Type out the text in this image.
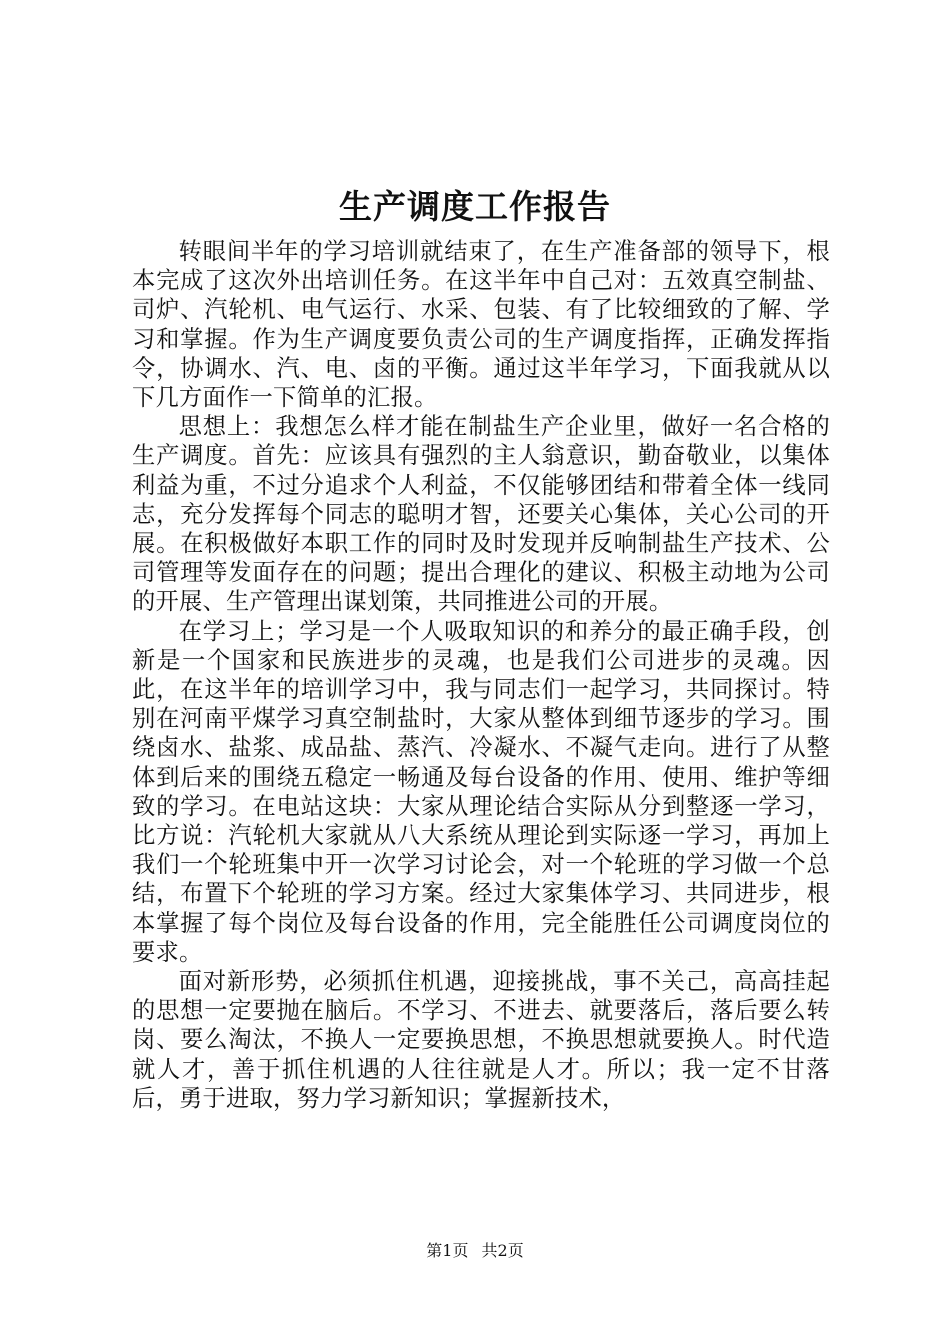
生产调度工作报告

转眼间半年的学习培训就结束了，在生产准备部的领导下，根本完成了这次外出培训任务。在这半年中自己对：五效真空制盐、司炉、汽轮机、电气运行、水采、包装、有了比较细致的了解、学习和掌握。作为生产调度要负责公司的生产调度指挥，正确发挥指令，协调水、汽、电、卤的平衡。通过这半年学习，下面我就从以下几方面作一下简单的汇报。

思想上：我想怎么样才能在制盐生产企业里，做好一名合格的生产调度。首先：应该具有强烈的主人翁意识，勤奋敬业，以集体利益为重，不过分追求个人利益，不仅能够团结和带着全体一线同志，充分发挥每个同志的聪明才智，还要关心集体，关心公司的开展。在积极做好本职工作的同时及时发现并反响制盐生产技术、公司管理等发面存在的问题；提出合理化的建议、积极主动地为公司的开展、生产管理出谋划策，共同推进公司的开展。

在学习上；学习是一个人吸取知识的和养分的最正确手段，创新是一个国家和民族进步的灵魂，也是我们公司进步的灵魂。因此，在这半年的培训学习中，我与同志们一起学习，共同探讨。特别在河南平煤学习真空制盐时，大家从整体到细节逐步的学习。围绕卤水、盐浆、成品盐、蒸汽、冷凝水、不凝气走向。进行了从整体到后来的围绕五稳定一畅通及每台设备的作用、使用、维护等细致的学习。在电站这块：大家从理论结合实际从分到整逐一学习，比方说：汽轮机大家就从八大系统从理论到实际逐一学习，再加上我们一个轮班集中开一次学习讨论会，对一个轮班的学习做一个总结，布置下个轮班的学习方案。经过大家集体学习、共同进步，根本掌握了每个岗位及每台设备的作用，完全能胜任公司调度岗位的要求。

面对新形势，必须抓住机遇，迎接挑战，事不关己，高高挂起的思想一定要抛在脑后。不学习、不进去、就要落后，落后要么转岗、要么淘汰，不换人一定要换思想，不换思想就要换人。时代造就人才，善于抓住机遇的人往往就是人才。所以；我一定不甘落后，勇于进取，努力学习新知识；掌握新技术，

第1页 共2页
